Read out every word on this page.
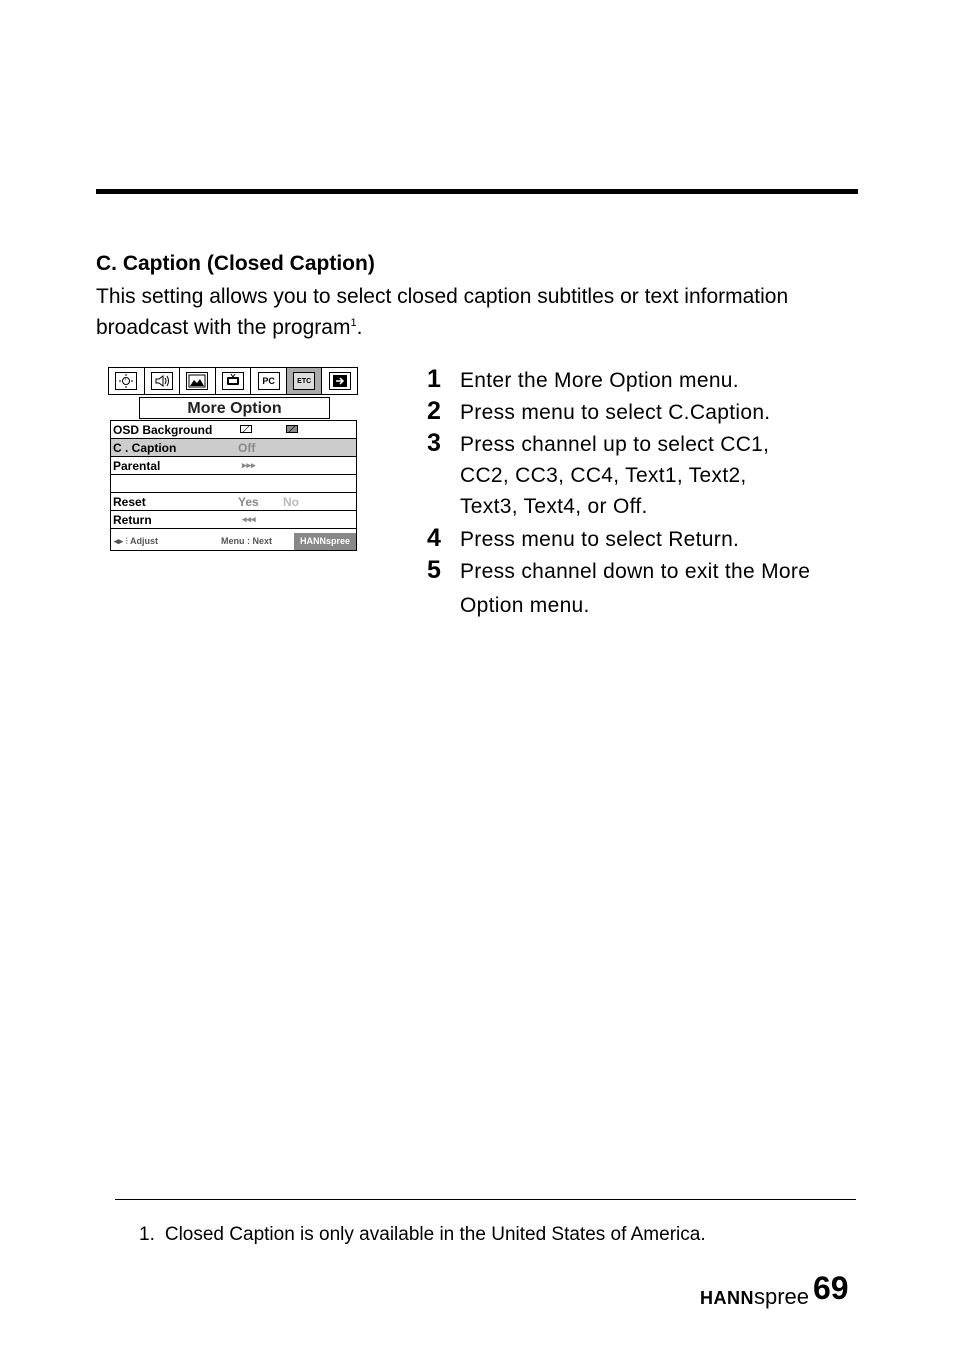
C. Caption (Closed Caption)
This setting allows you to select closed caption subtitles or text information broadcast with the program$^1$.
PC	ETC
More Option
OSD Background
C . Caption	Off
Parental	▸▸▸
Reset	Yes No
Return	◂◂◂
◂▸ ⫶ Adjust	Menu : Next	HANNspree
1 Enter the More Option menu.
2 Press menu to select C.Caption.
3 Press channel up to select CC1,
CC2, CC3, CC4, Text1, Text2,
Text3, Text4, or Off.
4 Press menu to select Return.
5 Press channel down to exit the More
Option menu.
1. Closed Caption is only available in the United States of America.
HANNspree 69
